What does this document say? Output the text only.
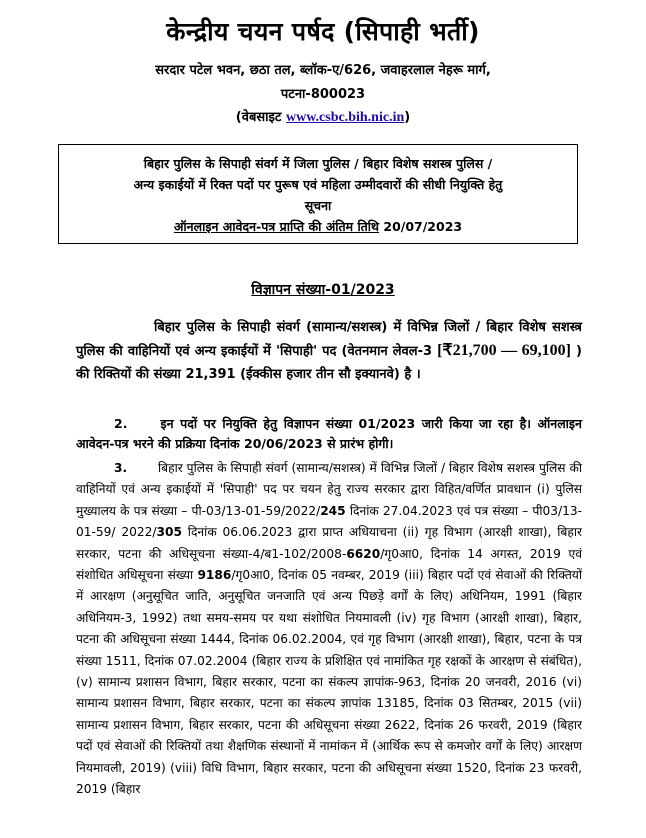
केन्द्रीय चयन पर्षद (सिपाही भर्ती)
सरदार पटेल भवन, छठा तल, ब्लॉक-ए/626, जवाहरलाल नेहरू मार्ग,
पटना-800023
(वेबसाइट www.csbc.bih.nic.in)
बिहार पुलिस के सिपाही संवर्ग में जिला पुलिस / बिहार विशेष सशस्त्र पुलिस /
अन्य इकाईयों में रिक्त पदों पर पुरूष एवं महिला उम्मीदवारों की सीधी नियुक्ति हेतु
सूचना
ऑनलाइन आवेदन-पत्र प्राप्ति की अंतिम तिथि 20/07/2023
विज्ञापन संख्या-01/2023
बिहार पुलिस के सिपाही संवर्ग (सामान्य/सशस्त्र) में विभिन्न जिलों / बिहार विशेष सशस्त्र पुलिस की वाहिनियों एवं अन्य इकाईयों में 'सिपाही' पद (वेतनमान लेवल-3 [₹21,700 — 69,100] ) की रिक्तियों की संख्या 21,391 (ईक्कीस हजार तीन सौ इक्यानवे) है ।
2.	इन पदों पर नियुक्ति हेतु विज्ञापन संख्या 01/2023 जारी किया जा रहा है। ऑनलाइन आवेदन-पत्र भरने की प्रक्रिया दिनांक 20/06/2023 से प्रारंभ होगी।
3.	बिहार पुलिस के सिपाही संवर्ग (सामान्य/सशस्त्र) में विभिन्न जिलों / बिहार विशेष सशस्त्र पुलिस की वाहिनियों एवं अन्य इकाईयों में 'सिपाही' पद पर चयन हेतु राज्य सरकार द्वारा विहित/वर्णित प्रावधान (i) पुलिस मुख्यालय के पत्र संख्या – पी-03/13-01-59/2022/245 दिनांक 27.04.2023 एवं पत्र संख्या – पी03/13-01-59/ 2022/305 दिनांक 06.06.2023 द्वारा प्राप्त अधियाचना (ii) गृह विभाग (आरक्षी शाखा), बिहार सरकार, पटना की अधिसूचना संख्या-4/ब1-102/2008-6620/गृ0आ0, दिनांक 14 अगस्त, 2019 एवं संशोधित अधिसूचना संख्या 9186/गृ0आ0, दिनांक 05 नवम्बर, 2019 (iii) बिहार पदों एवं सेवाओं की रिक्तियों में आरक्षण (अनुसूचित जाति, अनुसूचित जनजाति एवं अन्य पिछड़े वर्गों के लिए) अधिनियम, 1991 (बिहार अधिनियम-3, 1992) तथा समय-समय पर यथा संशोधित नियमावली (iv) गृह विभाग (आरक्षी शाखा), बिहार, पटना की अधिसूचना संख्या 1444, दिनांक 06.02.2004, एवं गृह विभाग (आरक्षी शाखा), बिहार, पटना के पत्र संख्या 1511, दिनांक 07.02.2004 (बिहार राज्य के प्रशिक्षित एवं नामांकित गृह रक्षकों के आरक्षण से संबंधित), (v) सामान्य प्रशासन विभाग, बिहार सरकार, पटना का संकल्प ज्ञापांक-963, दिनांक 20 जनवरी, 2016 (vi) सामान्य प्रशासन विभाग, बिहार सरकार, पटना का संकल्प ज्ञापांक 13185, दिनांक 03 सितम्बर, 2015 (vii) सामान्य प्रशासन विभाग, बिहार सरकार, पटना की अधिसूचना संख्या 2622, दिनांक 26 फरवरी, 2019 (बिहार पदों एवं सेवाओं की रिक्तियों तथा शैक्षणिक संस्थानों में नामांकन में (आर्थिक रूप से कमजोर वर्गों के लिए) आरक्षण नियमावली, 2019) (viii) विधि विभाग, बिहार सरकार, पटना की अधिसूचना संख्या 1520, दिनांक 23 फरवरी, 2019 (बिहार
